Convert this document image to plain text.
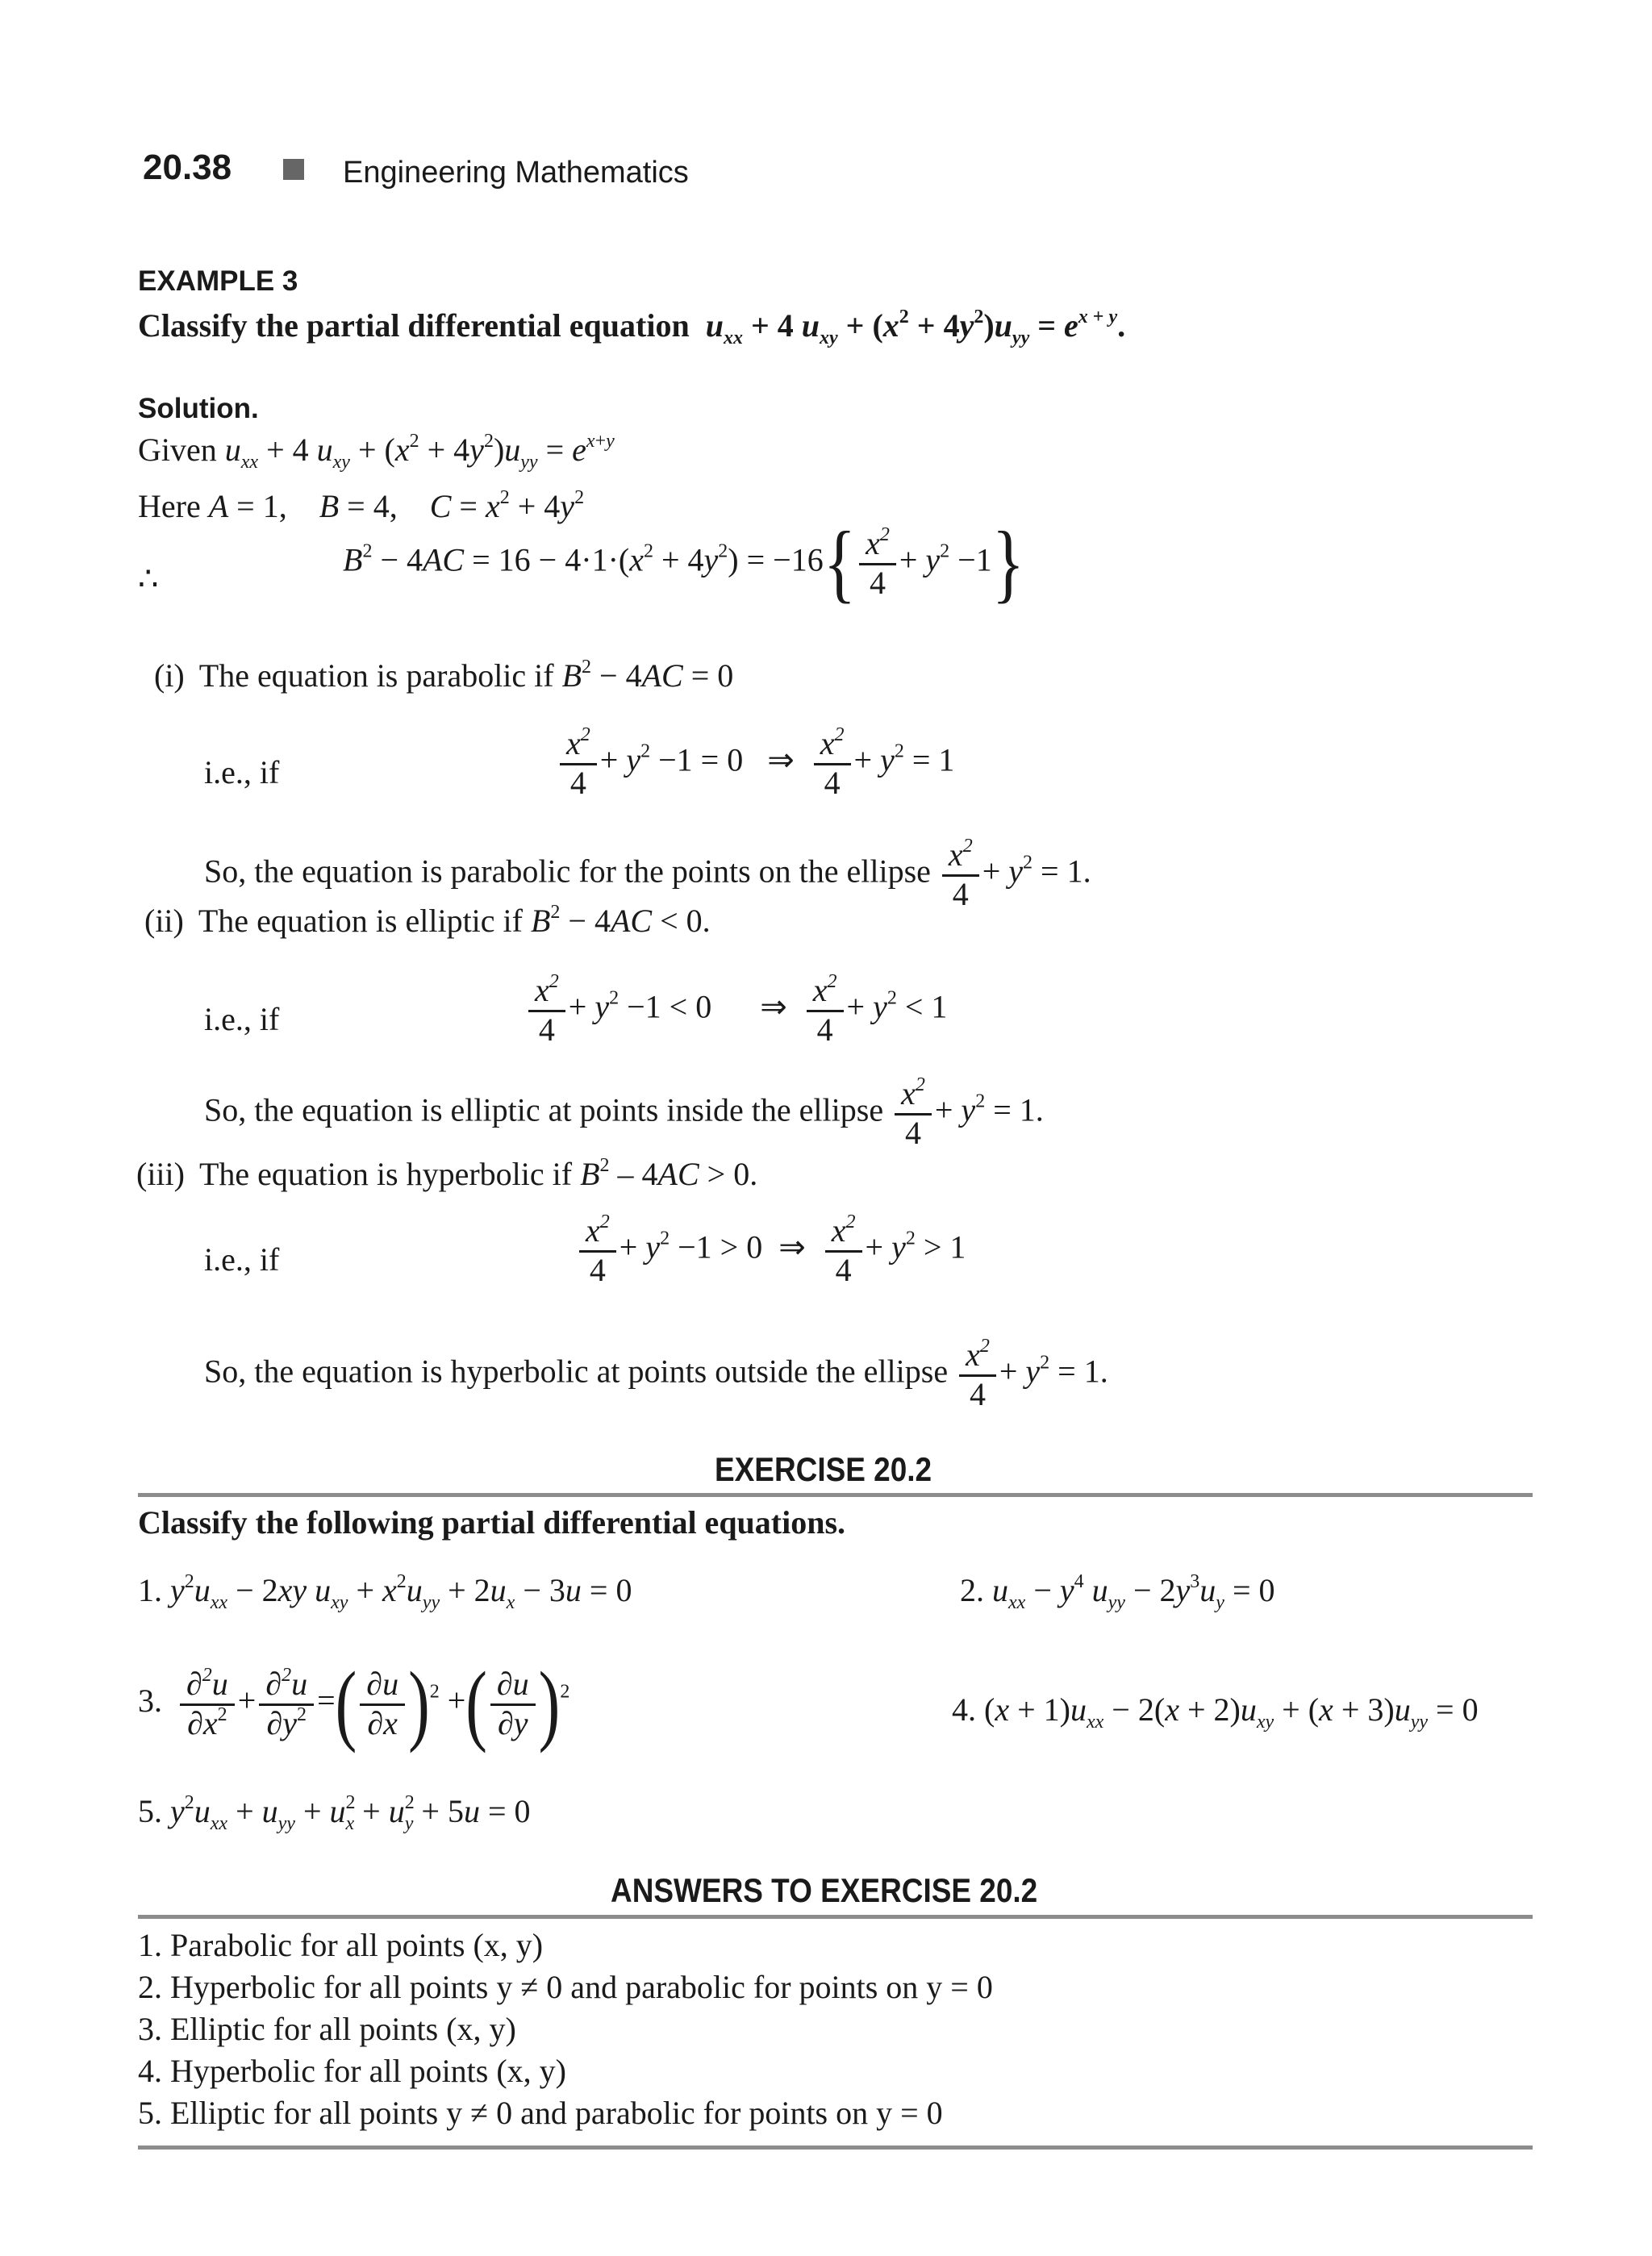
20.38	Engineering Mathematics
EXAMPLE 3
Classify the partial differential equation $u_{xx} + 4$ $u_{xy} + (x^2 + 4y^2)u_{yy} = e^{x + y}$.
Solution.
Given $u_{xx} + 4$ $u_{xy} + (x^2 + 4y^2)u_{yy} = e^{x+y}$
Here A = 1,    B = 4,    $C = x^2 + 4y^2$
∴
$B^2 - 4AC = 16 - 4\cdot 1\cdot(x^2 + 4y^2) = -16\{ \frac{x^2}{4} + y^2 -1\}$
(i) The equation is parabolic if $B^2 - 4AC = 0$
i.e., if	$\frac{x^2}{4} + y^2 -1 = 0$   ⇒ $\frac{x^2}{4} + y^2 = 1$
So, the equation is parabolic for the points on the ellipse $\frac{x^2}{4} + y^2 = 1$.
(ii) The equation is elliptic if $B^2 - 4AC < 0$.
i.e., if	$\frac{x^2}{4} + y^2 -1 < 0$      ⇒ $\frac{x^2}{4} + y^2 < 1$
So, the equation is elliptic at points inside the ellipse $\frac{x^2}{4} + y^2 = 1$.
(iii) The equation is hyperbolic if $B^2 - 4AC > 0$.
i.e., if	$\frac{x^2}{4} + y^2 -1 > 0$  ⇒ $\frac{x^2}{4} + y^2 > 1$
So, the equation is hyperbolic at points outside the ellipse $\frac{x^2}{4} + y^2 = 1$.
EXERCISE 20.2
Classify the following partial differential equations.
1. $y^2u_{xx} - 2xy$ $u_{xy} + x^2u_{yy} + 2u_x - 3u = 0$	2. $u_{xx} - y^4$ $u_{yy} - 2y^3u_y = 0$
3. $\frac{\partial^2u}{\partial x^2} + \frac{\partial^2u}{\partial y^2}$ =( $\frac{\partial u}{\partial x} )^2$ +( $\frac{\partial u}{\partial y} )^2$	4. $(x + 1)u_{xx} - 2(x + 2)u_{xy} + (x + 3)u_{yy} = 0$
5. $y^2u_{xx} + u_{yy} + u^2_x + u^2_y + 5u = 0$
ANSWERS TO EXERCISE 20.2
1. Parabolic for all points (x, y)
2. Hyperbolic for all points y ≠ 0 and parabolic for points on y = 0
3. Elliptic for all points (x, y)
4. Hyperbolic for all points (x, y)
5. Elliptic for all points y ≠ 0 and parabolic for points on y = 0
